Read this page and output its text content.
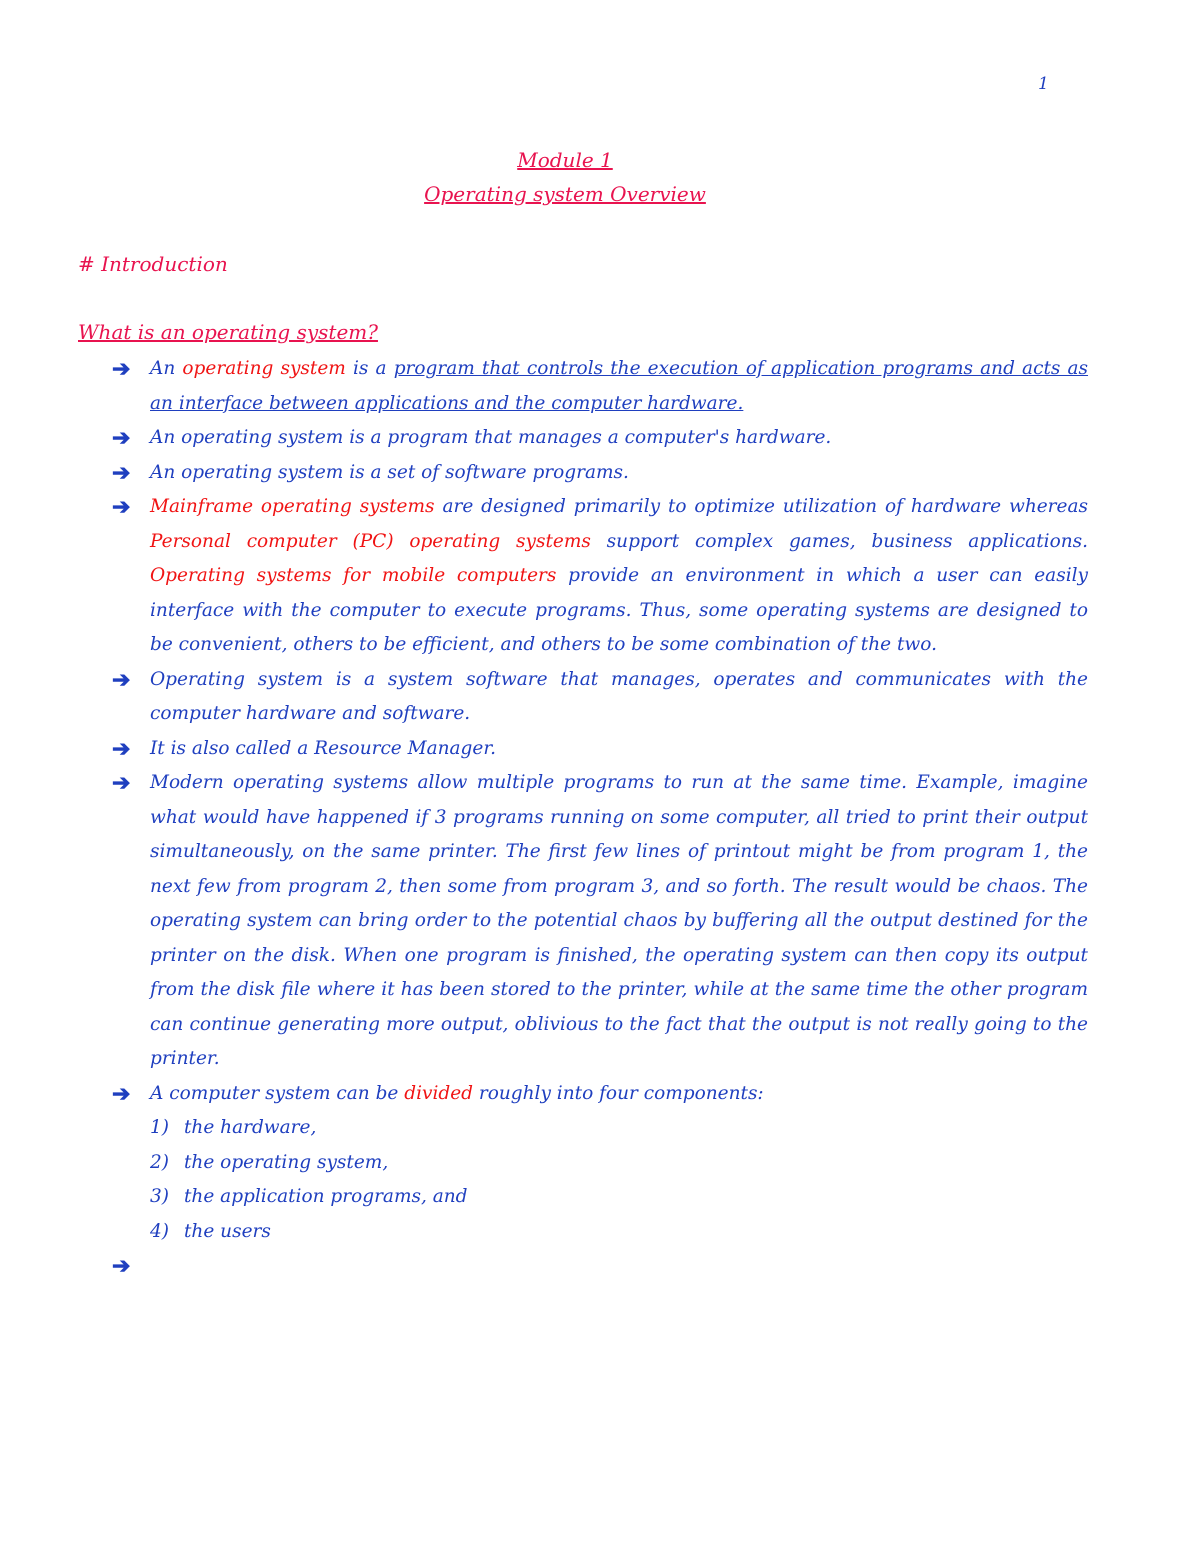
1
Module 1
Operating system Overview
# Introduction
What is an operating system?
➔ An operating system is a program that controls the execution of application programs and acts as an interface between applications and the computer hardware.
➔ An operating system is a program that manages a computer's hardware.
➔ An operating system is a set of software programs.
➔ Mainframe operating systems are designed primarily to optimize utilization of hardware whereas Personal computer (PC) operating systems support complex games, business applications. Operating systems for mobile computers provide an environment in which a user can easily interface with the computer to execute programs. Thus, some operating systems are designed to be convenient, others to be efficient, and others to be some combination of the two.
➔ Operating system is a system software that manages, operates and communicates with the computer hardware and software.
➔ It is also called a Resource Manager.
➔ Modern operating systems allow multiple programs to run at the same time. Example, imagine what would have happened if 3 programs running on some computer, all tried to print their output simultaneously, on the same printer. The first few lines of printout might be from program 1, the next few from program 2, then some from program 3, and so forth. The result would be chaos. The operating system can bring order to the potential chaos by buffering all the output destined for the printer on the disk. When one program is finished, the operating system can then copy its output from the disk file where it has been stored to the printer, while at the same time the other program can continue generating more output, oblivious to the fact that the output is not really going to the printer.
➔ A computer system can be divided roughly into four components:
1) the hardware,
2) the operating system,
3) the application programs, and
4) the users
➔
